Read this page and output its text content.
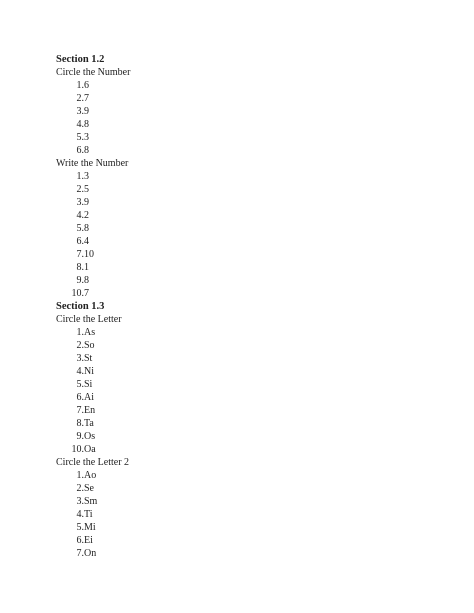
Section 1.2
Circle the Number
1. 6
2. 7
3. 9
4. 8
5. 3
6. 8
Write the Number
1. 3
2. 5
3. 9
4. 2
5. 8
6. 4
7. 10
8. 1
9. 8
10. 7
Section 1.3
Circle the Letter
1. As
2. So
3. St
4. Ni
5. Si
6. Ai
7. En
8. Ta
9. Os
10. Oa
Circle the Letter 2
1. Ao
2. Se
3. Sm
4. Ti
5. Mi
6. Ei
7. On
